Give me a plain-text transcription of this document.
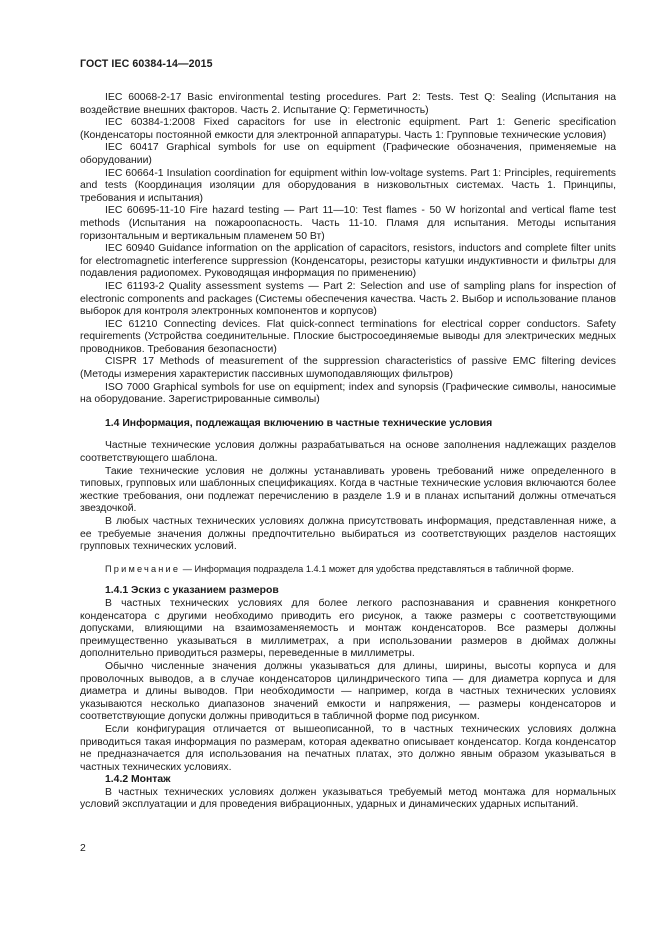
ГОСТ IEC 60384-14—2015

IEC 60068-2-17 Basic environmental testing procedures. Part 2: Tests. Test Q: Sealing (Испытания на воздействие внешних факторов. Часть 2. Испытание Q: Герметичность)

IEC 60384-1:2008 Fixed capacitors for use in electronic equipment. Part 1: Generic specification (Конденсаторы постоянной емкости для электронной аппаратуры. Часть 1: Групповые технические условия)

IEC 60417 Graphical symbols for use on equipment (Графические обозначения, применяемые на оборудовании)

IEC 60664-1 Insulation coordination for equipment within low-voltage systems. Part 1: Principles, requirements and tests (Координация изоляции для оборудования в низковольтных системах. Часть 1. Принципы, требования и испытания)

IEC 60695-11-10 Fire hazard testing — Part 11—10: Test flames - 50 W horizontal and vertical flame test methods (Испытания на пожароопасность. Часть 11-10. Пламя для испытания. Методы испытания горизонтальным и вертикальным пламенем 50 Вт)

IEC 60940 Guidance information on the application of capacitors, resistors, inductors and complete filter units for electromagnetic interference suppression (Конденсаторы, резисторы катушки индуктивности и фильтры для подавления радиопомех. Руководящая информация по применению)

IEC 61193-2 Quality assessment systems — Part 2: Selection and use of sampling plans for inspection of electronic components and packages (Системы обеспечения качества. Часть 2. Выбор и использование планов выборок для контроля электронных компонентов и корпусов)

IEC 61210 Connecting devices. Flat quick-connect terminations for electrical copper conductors. Safety requirements (Устройства соединительные. Плоские быстросоединяемые выводы для электрических медных проводников. Требования безопасности)

CISPR 17 Methods of measurement of the suppression characteristics of passive EMC filtering devices (Методы измерения характеристик пассивных шумоподавляющих фильтров)

ISO 7000 Graphical symbols for use on equipment; index and synopsis (Графические символы, наносимые на оборудование. Зарегистрированные символы)

1.4 Информация, подлежащая включению в частные технические условия

Частные технические условия должны разрабатываться на основе заполнения надлежащих разделов соответствующего шаблона.

Такие технические условия не должны устанавливать уровень требований ниже определенного в типовых, групповых или шаблонных спецификациях. Когда в частные технические условия включаются более жесткие требования, они подлежат перечислению в разделе 1.9 и в планах испытаний должны отмечаться звездочкой.

В любых частных технических условиях должна присутствовать информация, представленная ниже, а ее требуемые значения должны предпочтительно выбираться из соответствующих разделов настоящих групповых технических условий.

Примечание — Информация подраздела 1.4.1 может для удобства представляться в табличной форме.

1.4.1 Эскиз с указанием размеров

В частных технических условиях для более легкого распознавания и сравнения конкретного конденсатора с другими необходимо приводить его рисунок, а также размеры с соответствующими допусками, влияющими на взаимозаменяемость и монтаж конденсаторов. Все размеры должны преимущественно указываться в миллиметрах, а при использовании размеров в дюймах должны дополнительно приводиться размеры, переведенные в миллиметры.

Обычно численные значения должны указываться для длины, ширины, высоты корпуса и для проволочных выводов, а в случае конденсаторов цилиндрического типа — для диаметра корпуса и для диаметра и длины выводов. При необходимости — например, когда в частных технических условиях указываются несколько диапазонов значений емкости и напряжения, — размеры конденсаторов и соответствующие допуски должны приводиться в табличной форме под рисунком.

Если конфигурация отличается от вышеописанной, то в частных технических условиях должна приводиться такая информация по размерам, которая адекватно описывает конденсатор. Когда конденсатор не предназначается для использования на печатных платах, это должно явным образом указываться в частных технических условиях.

1.4.2 Монтаж

В частных технических условиях должен указываться требуемый метод монтажа для нормальных условий эксплуатации и для проведения вибрационных, ударных и динамических ударных испытаний.

2
